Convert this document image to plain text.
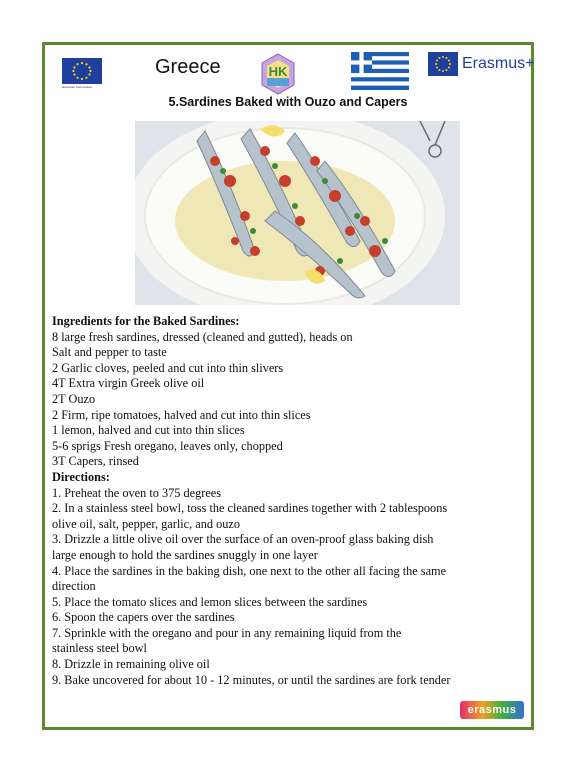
European Commission
Greece	HK	Erasmus+
5.Sardines Baked with Ouzo and Capers
Ingredients for the Baked Sardines:
8 large fresh sardines, dressed (cleaned and gutted), heads on
Salt and pepper to taste
2 Garlic cloves, peeled and cut into thin slivers
4T Extra virgin Greek olive oil
2T Ouzo
2 Firm, ripe tomatoes, halved and cut into thin slices
1 lemon, halved and cut into thin slices
5-6 sprigs Fresh oregano, leaves only, chopped
3T Capers, rinsed
Directions:
1. Preheat the oven to 375 degrees
2. In a stainless steel bowl, toss the cleaned sardines together with 2 tablespoons
olive oil, salt, pepper, garlic, and ouzo
3. Drizzle a little olive oil over the surface of an oven-proof glass baking dish
large enough to hold the sardines snuggly in one layer
4. Place the sardines in the baking dish, one next to the other all facing the same
direction
5. Place the tomato slices and lemon slices between the sardines
6. Spoon the capers over the sardines
7. Sprinkle with the oregano and pour in any remaining liquid from the
stainless steel bowl
8. Drizzle in remaining olive oil
9. Bake uncovered for about 10 - 12 minutes, or until the sardines are fork tender
erasmus
